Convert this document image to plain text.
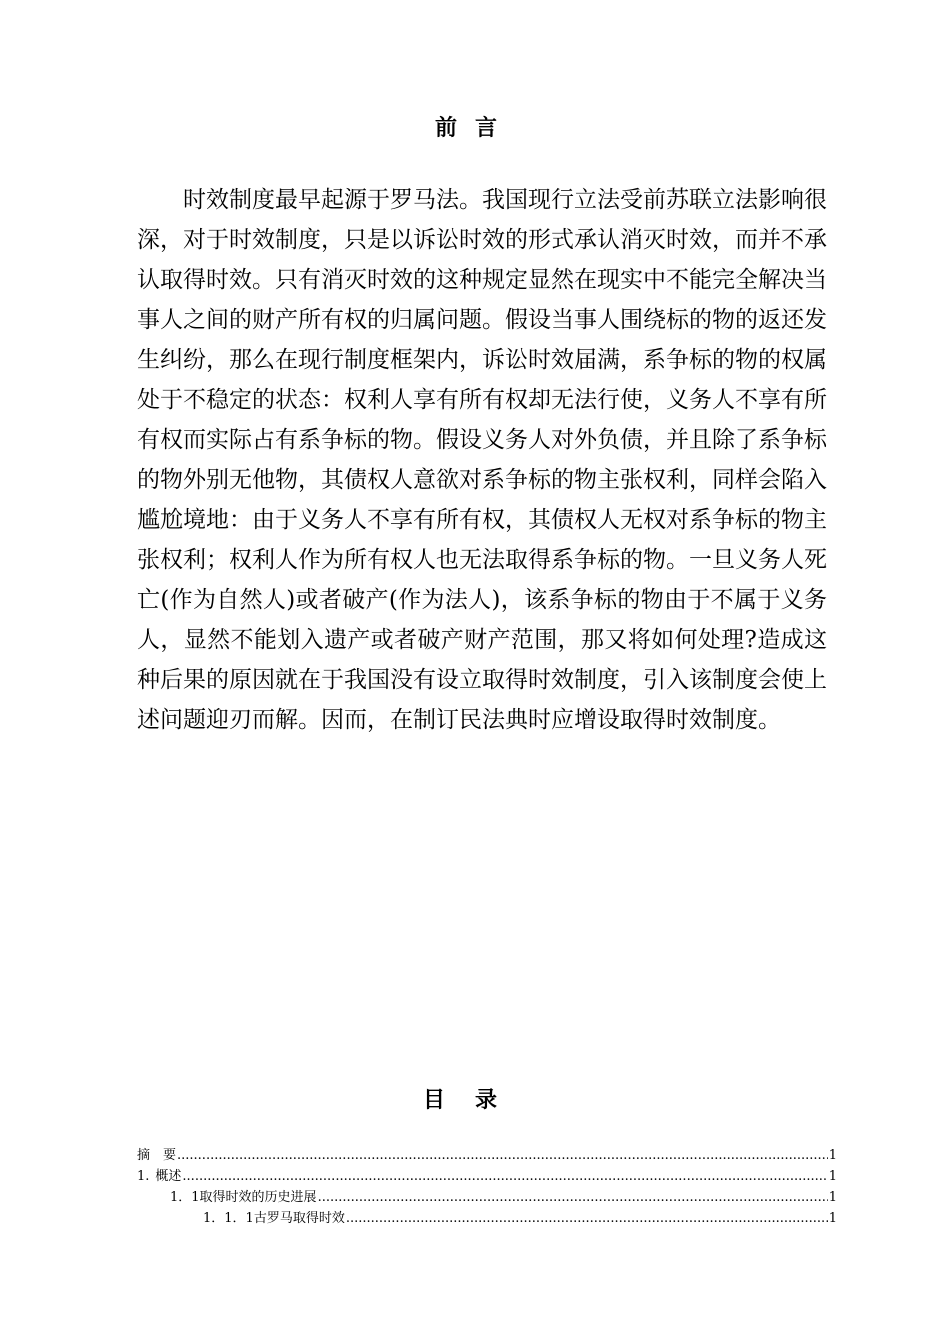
前言

时效制度最早起源于罗马法。我国现行立法受前苏联立法影响很深，对于时效制度，只是以诉讼时效的形式承认消灭时效，而并不承认取得时效。只有消灭时效的这种规定显然在现实中不能完全解决当事人之间的财产所有权的归属问题。假设当事人围绕标的物的返还发生纠纷，那么在现行制度框架内，诉讼时效届满，系争标的物的权属处于不稳定的状态：权利人享有所有权却无法行使，义务人不享有所有权而实际占有系争标的物。假设义务人对外负债，并且除了系争标的物外别无他物，其债权人意欲对系争标的物主张权利，同样会陷入尴尬境地：由于义务人不享有所有权，其债权人无权对系争标的物主张权利；权利人作为所有权人也无法取得系争标的物。一旦义务人死亡(作为自然人)或者破产(作为法人)，该系争标的物由于不属于义务人，显然不能划入遗产或者破产财产范围，那又将如何处理?造成这种后果的原因就在于我国没有设立取得时效制度，引入该制度会使上述问题迎刃而解。因而，在制订民法典时应增设取得时效制度。

目录
摘　要 .....	1
1. 概述 .....	1
1．1 取得时效的历史进展 .....	1
1．1．1 古罗马取得时效 .....	1
